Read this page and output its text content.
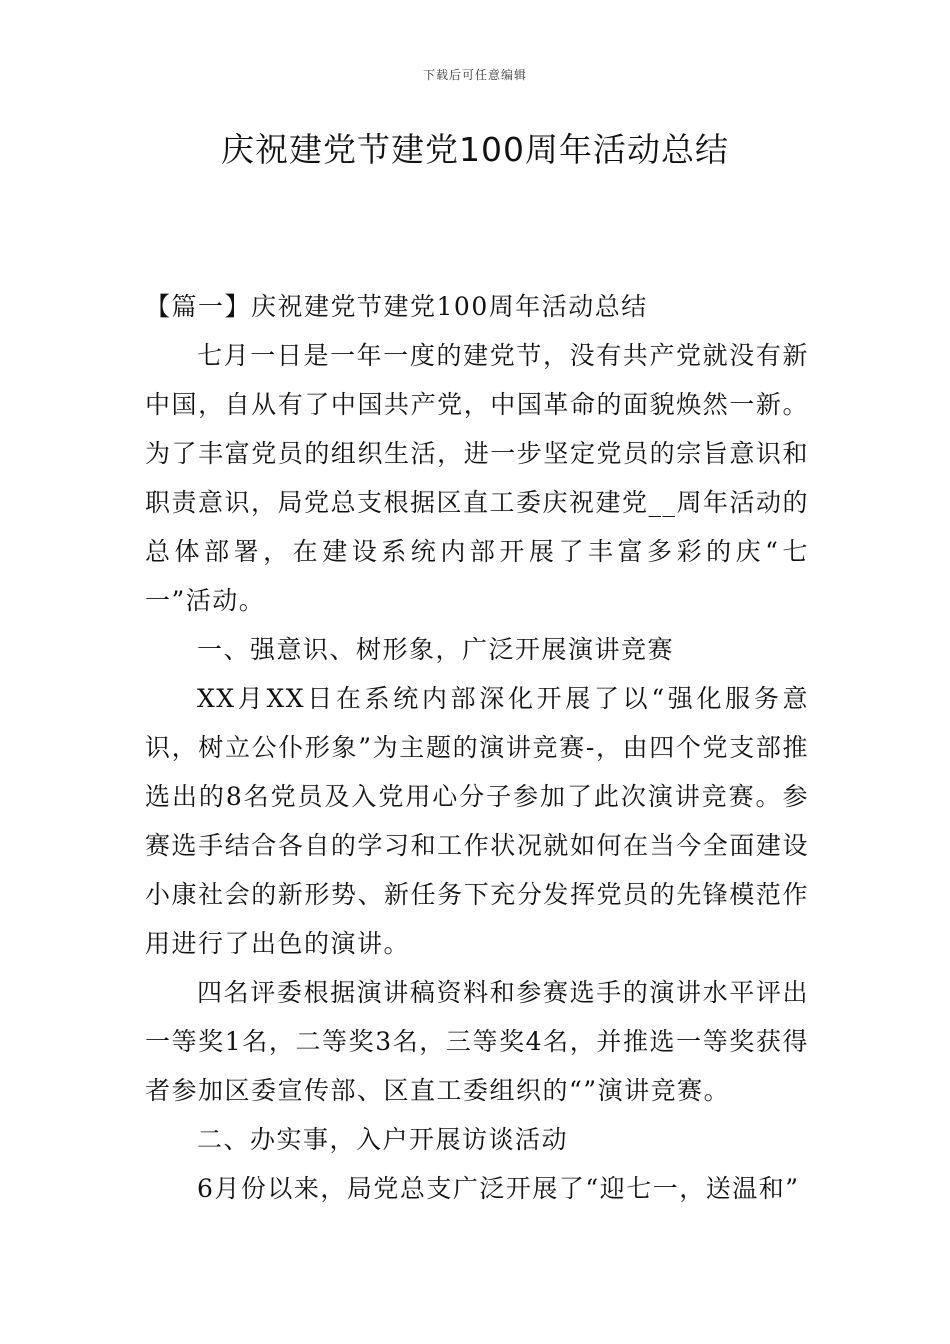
下载后可任意编辑
庆祝建党节建党100周年活动总结

【篇一】庆祝建党节建党100周年活动总结

七月一日是一年一度的建党节，没有共产党就没有新中国，自从有了中国共产党，中国革命的面貌焕然一新。为了丰富党员的组织生活，进一步坚定党员的宗旨意识和职责意识，局党总支根据区直工委庆祝建党__周年活动的总体部署，在建设系统内部开展了丰富多彩的庆“七一”活动。

一、强意识、树形象，广泛开展演讲竞赛

XX月XX日在系统内部深化开展了以“强化服务意识，树立公仆形象”为主题的演讲竞赛-，由四个党支部推选出的8名党员及入党用心分子参加了此次演讲竞赛。参赛选手结合各自的学习和工作状况就如何在当今全面建设小康社会的新形势、新任务下充分发挥党员的先锋模范作用进行了出色的演讲。

四名评委根据演讲稿资料和参赛选手的演讲水平评出一等奖1名，二等奖3名，三等奖4名，并推选一等奖获得者参加区委宣传部、区直工委组织的“”演讲竞赛。

二、办实事，入户开展访谈活动

6月份以来，局党总支广泛开展了“迎七一，送温和”
